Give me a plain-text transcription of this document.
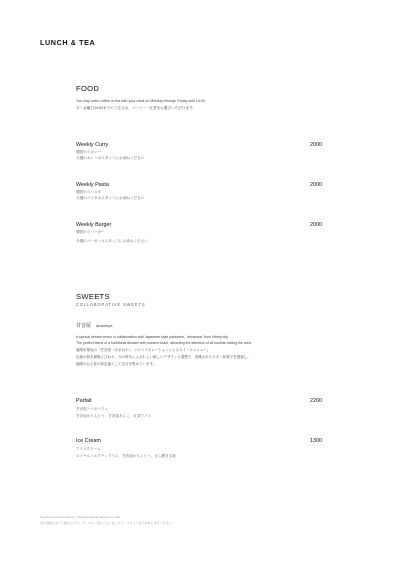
LUNCH & TEA
FOOD
You may order coffee or tea with your meal on Monday through Friday until 14:00.
月～金曜日14:00までのご注文は、コーヒー・紅茶をお選びいただけます。
Weekly Curry	2000
週替わりカレー
今週のカレーはスタッフにお尋ねください
Weekly Pasta	2000
週替わりパスタ
今週のパスタはスタッフにお尋ねください
Weekly Burger	2000
週替わりバーガー
今週のバーガーはスタッフにお尋ねください
SWEETS
COLLABORATIVE SWEETS
甘音屋 amaneya
A special dessert menu in collaboration with Japanese style patisserie, "amaneya" from Himeji city.
The perfect blend of a traditional dessert with modern touch, attracting the attention of all tourists visiting the area.
姫路市菓処の「甘音屋（あまねや）」とのコラボレーションによるスイーツメニュー。
伝統の和を最後にひねり、今の時代にふさわしい新しいデザインと発想で、洗練されたモダン和菓子を提案し、
姫路のお土産の新定番として注目を集めています。
Parfait	2200
甘音屋ココボパフェ
甘音屋かりんとう、甘音屋あんこ、紅茶アイス
Ice Cream	1300
アイスクリーム
ロイヤルミルクティアイス、甘音屋かりんとう、ざら糖き生地
All prices are tax inclusive. / Allergies please advise our staff.
表示価格はすべて税込みです。アレルギー等がございましたら、スタッフまでお申し付けください。
